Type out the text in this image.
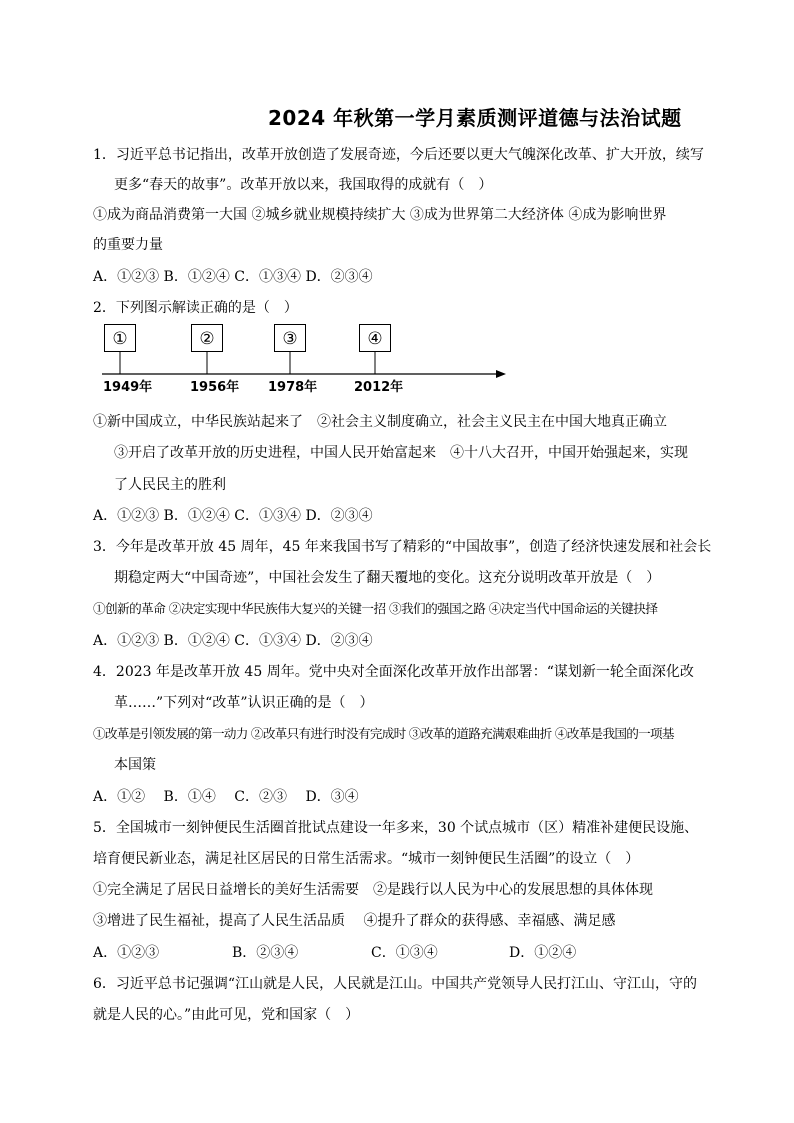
2024 年秋第一学月素质测评道德与法治试题
1．习近平总书记指出，改革开放创造了发展奇迹，今后还要以更大气魄深化改革、扩大开放，续写
更多“春天的故事”。改革开放以来，我国取得的成就有（　）
①成为商品消费第一大国 ②城乡就业规模持续扩大 ③成为世界第二大经济体 ④成为影响世界
的重要力量
A．①②③ B．①②④ C．①③④ D．②③④
2．下列图示解读正确的是（　）
①	②	③	④
1949年	1956年 1978年	2012年
①新中国成立，中华民族站起来了　②社会主义制度确立，社会主义民主在中国大地真正确立
③开启了改革开放的历史进程，中国人民开始富起来　④十八大召开，中国开始强起来，实现
了人民民主的胜利
A．①②③ B．①②④ C．①③④ D．②③④
3．今年是改革开放 45 周年，45 年来我国书写了精彩的“中国故事”，创造了经济快速发展和社会长
期稳定两大“中国奇迹”，中国社会发生了翻天覆地的变化。这充分说明改革开放是（　）
①创新的革命 ②决定实现中华民族伟大复兴的关键一招 ③我们的强国之路 ④决定当代中国命运的关键抉择
A．①②③ B．①②④ C．①③④ D．②③④
4．2023 年是改革开放 45 周年。党中央对全面深化改革开放作出部署：“谋划新一轮全面深化改
革……”下列对“改革”认识正确的是（　）
①改革是引领发展的第一动力 ②改革只有进行时没有完成时 ③改革的道路充满艰难曲折 ④改革是我国的一项基
本国策
A．①②　 B．①④　 C．②③　 D．③④
5．全国城市一刻钟便民生活圈首批试点建设一年多来，30 个试点城市（区）精准补建便民设施、
培育便民新业态，满足社区居民的日常生活需求。“城市一刻钟便民生活圈”的设立（　）
①完全满足了居民日益增长的美好生活需要　②是践行以人民为中心的发展思想的具体体现
③增进了民生福祉，提高了人民生活品质　 ④提升了群众的获得感、幸福感、满足感
A．①②③	B．②③④	C．①③④	D．①②④
6．习近平总书记强调“江山就是人民，人民就是江山。中国共产党领导人民打江山、守江山，守的
就是人民的心。”由此可见，党和国家（　）
